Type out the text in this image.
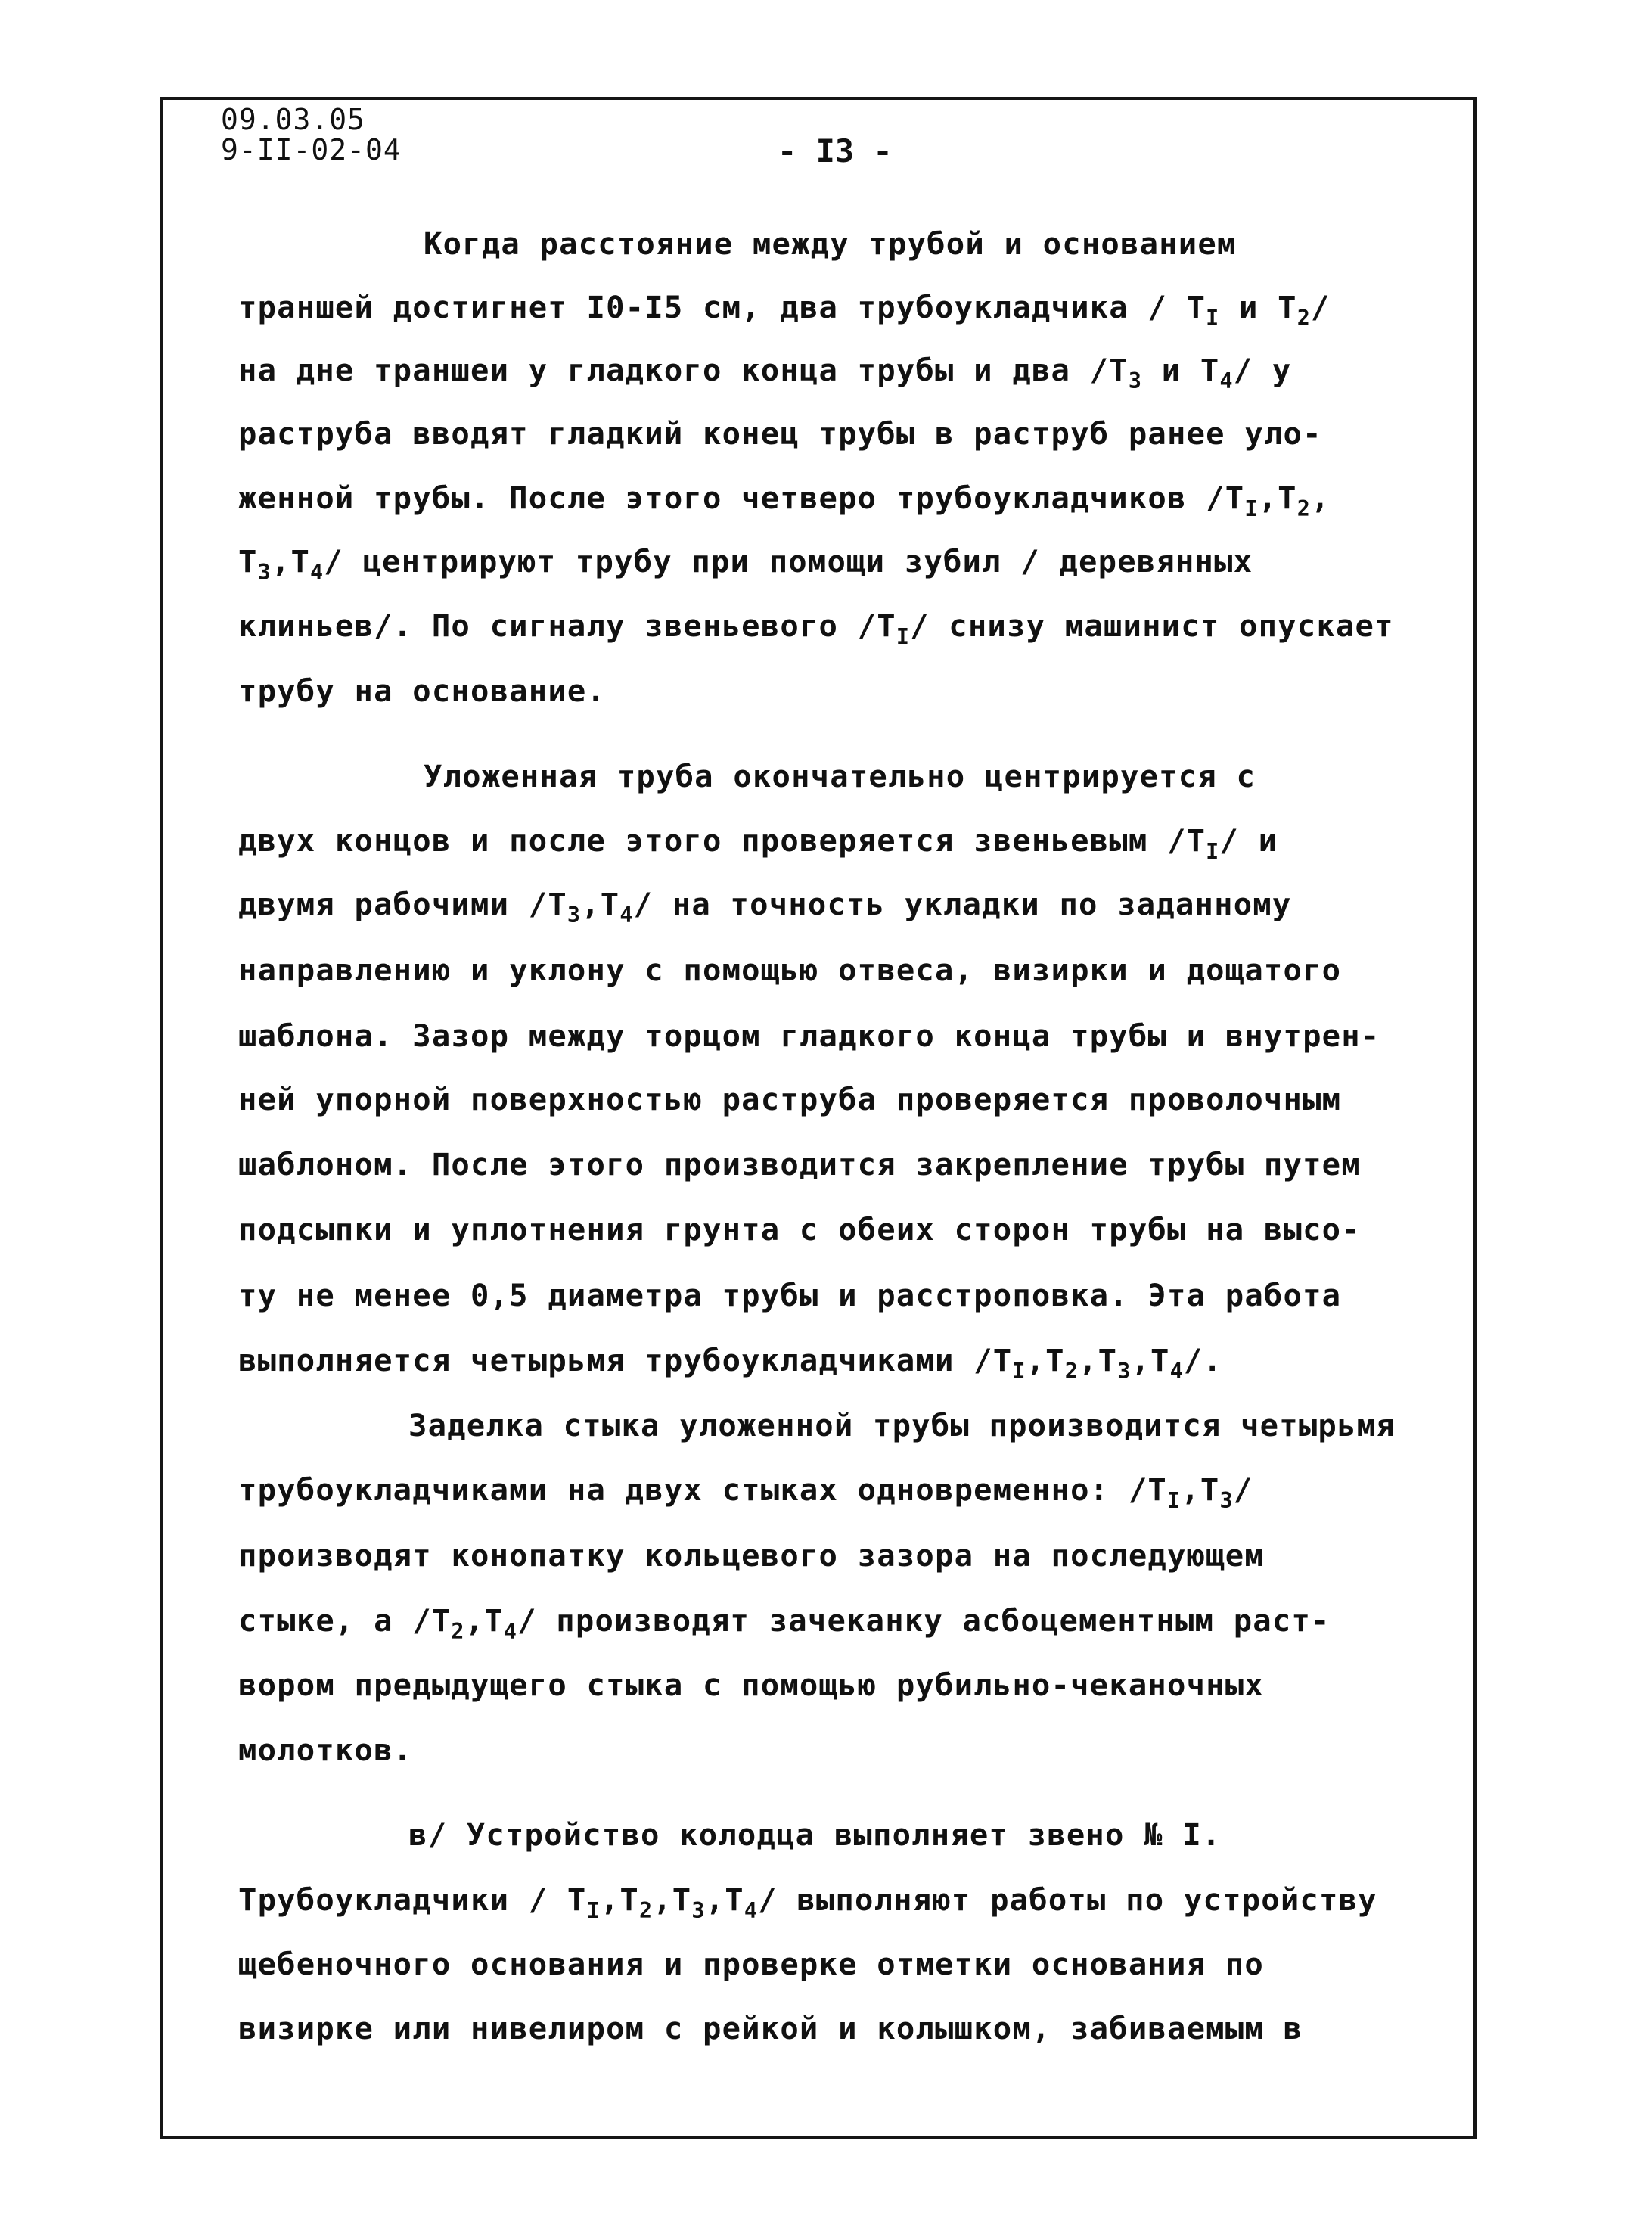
09.03.05
9-II-02-04	- I3 -
Когда расстояние между трубой и основанием
траншей достигнет I0-I5 см, два трубоукладчика / $Т_I$ и $Т_2/$
на дне траншеи у гладкого конца трубы и два $/Т_3$ и $Т_4/$ у
раструба вводят гладкий конец трубы в раструб ранее уло-
женной трубы. После этого четверо трубоукладчиков $/Т_I,Т_2$,
$Т_3,Т_4/$ центрируют трубу при помощи зубил / деревянных
клиньев/. По сигналу звеньевого $/Т_I/$ снизу машинист опускает
трубу на основание.
Уложенная труба окончательно центрируется с
двух концов и после этого проверяется звеньевым $/Т_I/$ и
двумя рабочими $/Т_3,Т_4/$ на точность укладки по заданному
направлению и уклону с помощью отвеса, визирки и дощатого
шаблона. Зазор между торцом гладкого конца трубы и внутрен-
ней упорной поверхностью раструба проверяется проволочным
шаблоном. После этого производится закрепление трубы путем
подсыпки и уплотнения грунта с обеих сторон трубы на высо-
ту не менее 0,5 диаметра трубы и расстроповка. Эта работа
выполняется четырьмя трубоукладчиками $/Т_I,Т_2,Т_3,Т_4/$.
Заделка стыка уложенной трубы производится четырьмя
трубоукладчиками на двух стыках одновременно: $/Т_I,Т_3/$
производят конопатку кольцевого зазора на последующем
стыке, а $/Т_2,Т_4/$ производят зачеканку асбоцементным раст-
вором предыдущего стыка с помощью рубильно-чеканочных
молотков.
в/ Устройство колодца выполняет звено № I.
Трубоукладчики / $Т_I,Т_2,Т_3,Т_4/$ выполняют работы по устройству
щебеночного основания и проверке отметки основания по
визирке или нивелиром с рейкой и колышком, забиваемым в
